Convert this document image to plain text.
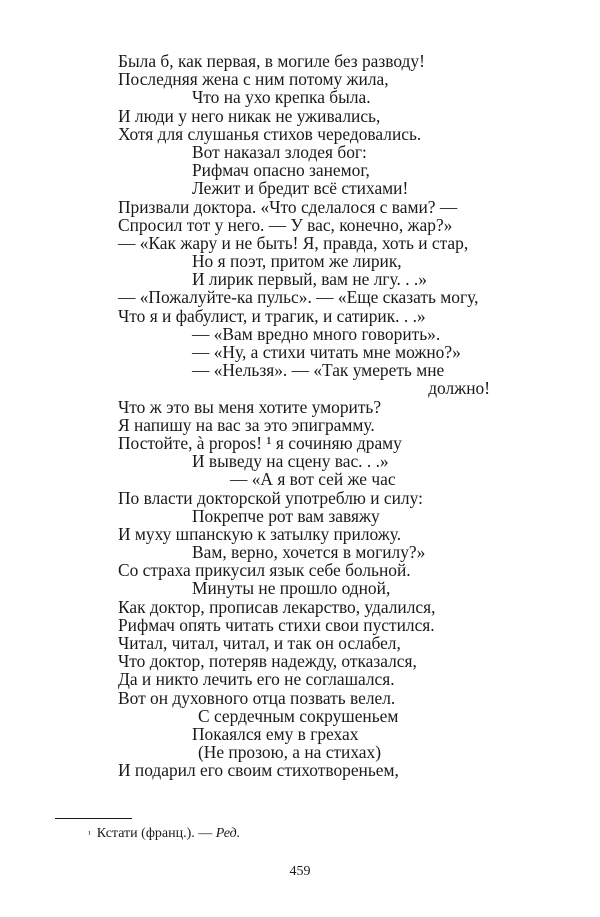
Была б, как первая, в могиле без разводу!
Последняя жена с ним потому жила,
Что на ухо крепка была.
И люди у него никак не уживались,
Хотя для слушанья стихов чередовались.
Вот наказал злодея бог:
Рифмач опасно занемог,
Лежит и бредит всё стихами!
Призвали доктора. «Что сделалося с вами? —
Спросил тот у него. — У вас, конечно, жар?»
— «Как жару и не быть! Я, правда, хоть и стар,
Но я поэт, притом же лирик,
И лирик первый, вам не лгу. . .»
— «Пожалуйте-ка пульс». — «Еще сказать могу,
Что я и фабулист, и трагик, и сатирик. . .»
— «Вам вредно много говорить».
— «Ну, а стихи читать мне можно?»
— «Нельзя». — «Так умереть мне
должно!
Что ж это вы меня хотите уморить?
Я напишу на вас за это эпиграмму.
Постойте, à propos! ¹ я сочиняю драму
И выведу на сцену вас. . .»
— «А я вот сей же час
По власти докторской употреблю и силу:
Покрепче рот вам завяжу
И муху шпанскую к затылку приложу.
Вам, верно, хочется в могилу?»
Со страха прикусил язык себе больной.
Минуты не прошло одной,
Как доктор, прописав лекарство, удалился,
Рифмач опять читать стихи свои пустился.
Читал, читал, читал, и так он ослабел,
Что доктор, потеряв надежду, отказался,
Да и никто лечить его не соглашался.
Вот он духовного отца позвать велел.
С сердечным сокрушеньем
Покаялся ему в грехах
(Не прозою, а на стихах)
И подарил его своим стихотвореньем,
$^{^1}$ Кстати (франц.). — Ред.
459
